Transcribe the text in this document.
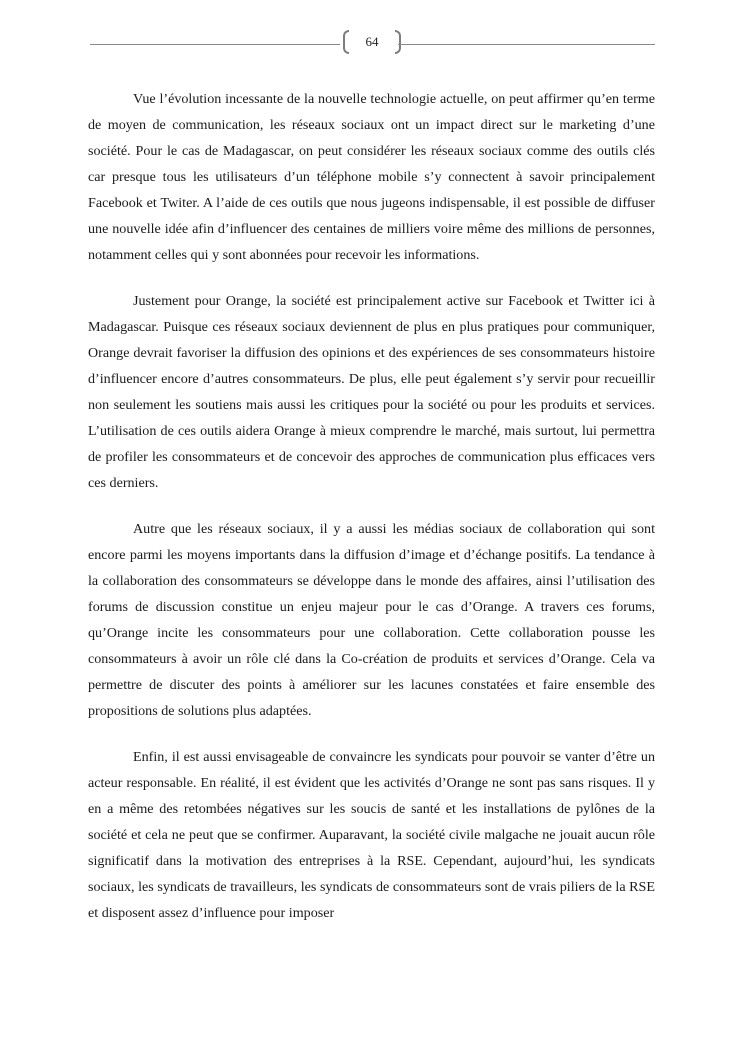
64

Vue l’évolution incessante de la nouvelle technologie actuelle, on peut affirmer qu’en terme de moyen de communication, les réseaux sociaux ont un impact direct sur le marketing d’une société. Pour le cas de Madagascar, on peut considérer les réseaux sociaux comme des outils clés car presque tous les utilisateurs d’un téléphone mobile s’y connectent à savoir principalement Facebook et Twiter. A l’aide de ces outils que nous jugeons indispensable, il est possible de diffuser une nouvelle idée afin d’influencer des centaines de milliers voire même des millions de personnes, notamment celles qui y sont abonnées pour recevoir les informations.

Justement pour Orange, la société est principalement active sur Facebook et Twitter ici à Madagascar. Puisque ces réseaux sociaux deviennent de plus en plus pratiques pour communiquer, Orange devrait favoriser la diffusion des opinions et des expériences de ses consommateurs histoire d’influencer encore d’autres consommateurs. De plus, elle peut également s’y servir pour recueillir non seulement les soutiens mais aussi les critiques pour la société ou pour les produits et services. L’utilisation de ces outils aidera Orange à mieux comprendre le marché, mais surtout, lui permettra de profiler les consommateurs et de concevoir des approches de communication plus efficaces vers ces derniers.

Autre que les réseaux sociaux, il y a aussi les médias sociaux de collaboration qui sont encore parmi les moyens importants dans la diffusion d’image et d’échange positifs. La tendance à la collaboration des consommateurs se développe dans le monde des affaires, ainsi l’utilisation des forums de discussion constitue un enjeu majeur pour le cas d’Orange. A travers ces forums, qu’Orange incite les consommateurs pour une collaboration. Cette collaboration pousse les consommateurs à avoir un rôle clé dans la Co-création de produits et services d’Orange. Cela va permettre de discuter des points à améliorer sur les lacunes constatées et faire ensemble des propositions de solutions plus adaptées.

Enfin, il est aussi envisageable de convaincre les syndicats pour pouvoir se vanter d’être un acteur responsable. En réalité, il est évident que les activités d’Orange ne sont pas sans risques. Il y en a même des retombées négatives sur les soucis de santé et les installations de pylônes de la société et cela ne peut que se confirmer. Auparavant, la société civile malgache ne jouait aucun rôle significatif dans la motivation des entreprises à la RSE. Cependant, aujourd’hui, les syndicats sociaux, les syndicats de travailleurs, les syndicats de consommateurs sont de vrais piliers de la RSE et disposent assez d’influence pour imposer
